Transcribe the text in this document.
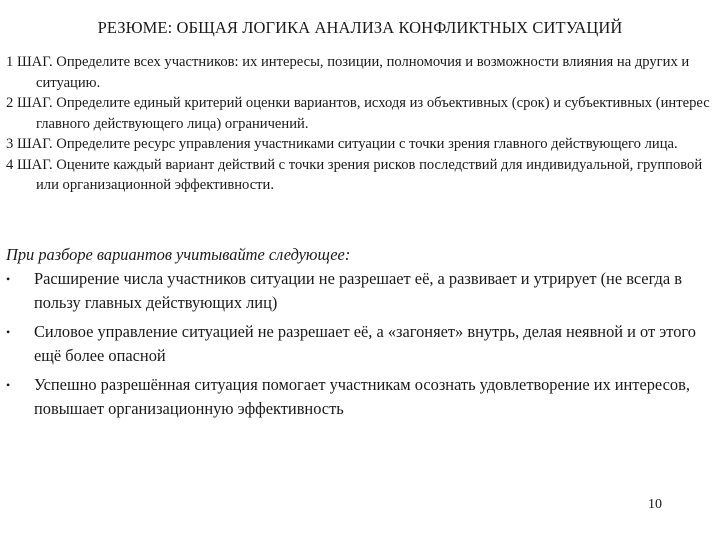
РЕЗЮМЕ: ОБЩАЯ ЛОГИКА АНАЛИЗА КОНФЛИКТНЫХ СИТУАЦИЙ
1 ШАГ. Определите всех участников: их интересы, позиции, полномочия и возможности влияния на других и ситуацию.
2 ШАГ. Определите единый критерий оценки вариантов, исходя из объективных (срок) и субъективных (интерес главного действующего лица) ограничений.
3 ШАГ. Определите ресурс управления участниками ситуации с точки зрения главного действующего лица.
4 ШАГ. Оцените каждый вариант действий с точки зрения рисков последствий для индивидуальной, групповой или организационной эффективности.
При разборе вариантов учитывайте следующее:
•	Расширение числа участников ситуации не разрешает её, а развивает и утрирует (не всегда в пользу главных действующих лиц)
•	Силовое управление ситуацией не разрешает её, а «загоняет» внутрь, делая неявной и от этого ещё более опасной
•	Успешно разрешённая ситуация помогает участникам осознать удовлетворение их интересов, повышает организационную эффективность
10
